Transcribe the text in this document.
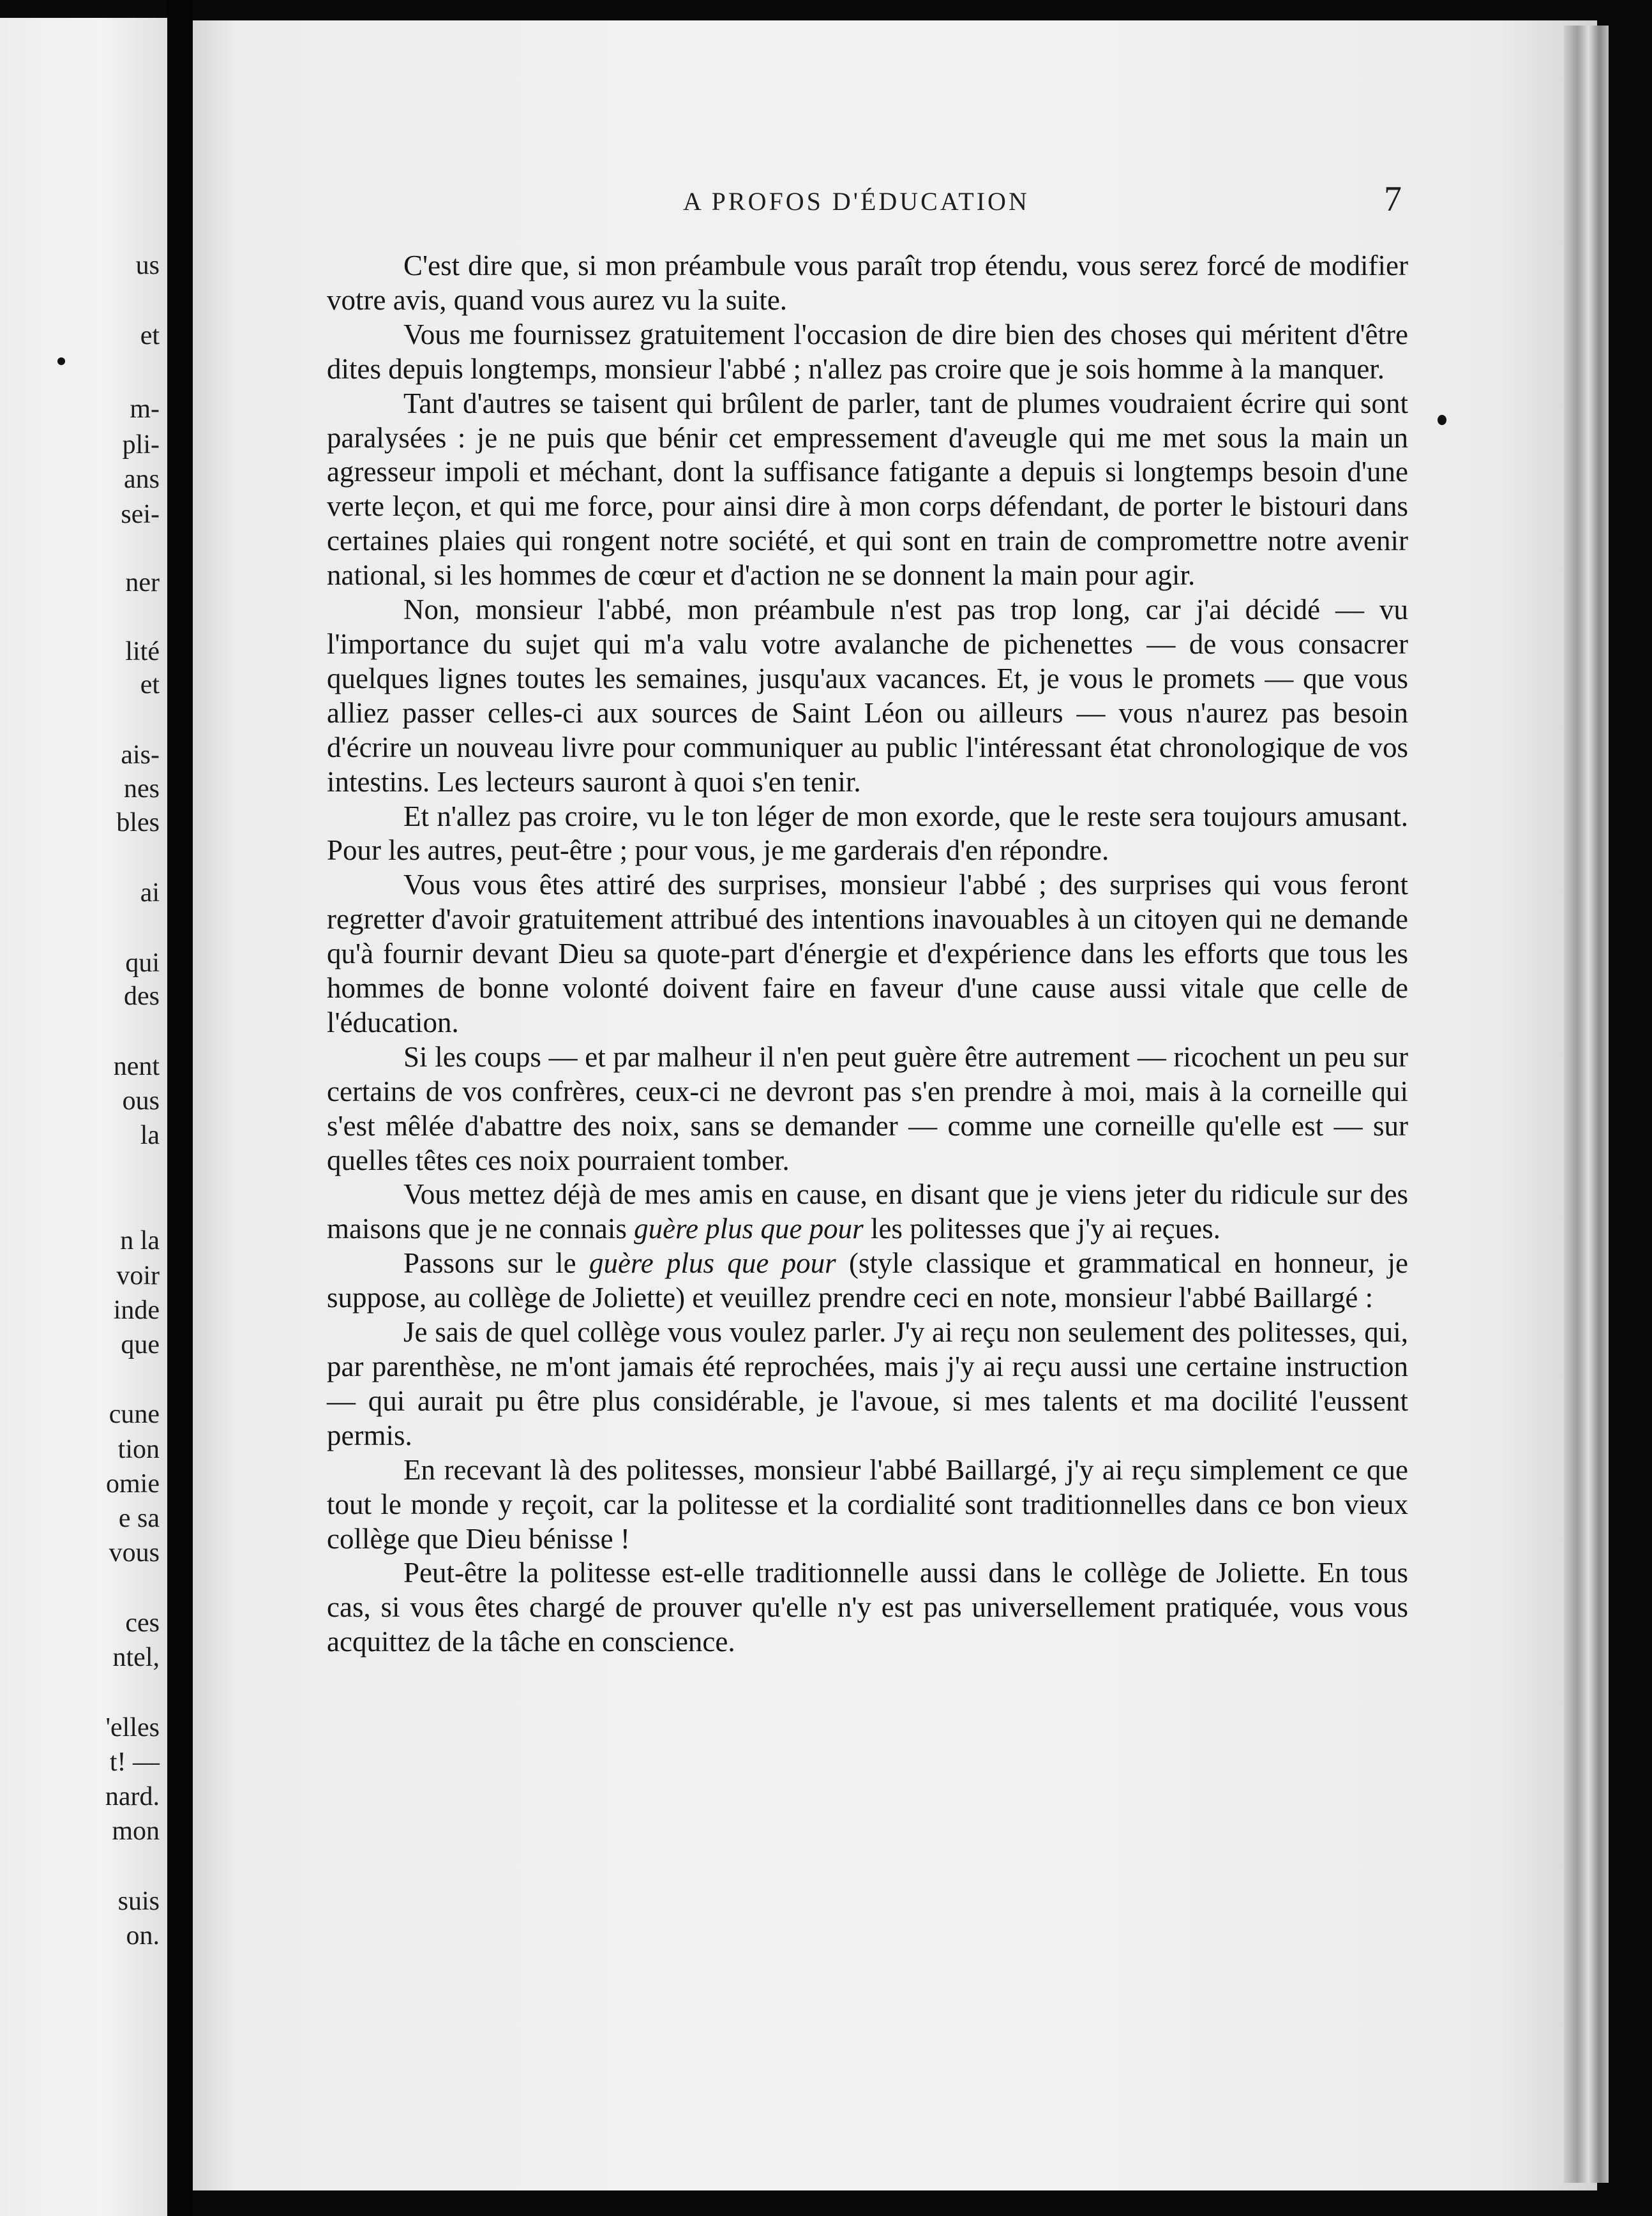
us
et
m-
pli-
ans
sei-
ner
lité
et
ais-
nes
bles
ai
qui
des
nent
ous
la
n la
voir
inde
que
cune
tion
omie
e sa
vous
ces
ntel,
'elles
t! —
nard.
mon
suis
on.
A PROFOS D'ÉDUCATION	7

C'est dire que, si mon préambule vous paraît trop étendu, vous serez forcé de modifier votre avis, quand vous aurez vu la suite.

Vous me fournissez gratuitement l'occasion de dire bien des choses qui méritent d'être dites depuis longtemps, monsieur l'abbé ; n'allez pas croire que je sois homme à la manquer.

Tant d'autres se taisent qui brûlent de parler, tant de plumes voudraient écrire qui sont paralysées : je ne puis que bénir cet empressement d'aveugle qui me met sous la main un agresseur impoli et méchant, dont la suffisance fatigante a depuis si longtemps besoin d'une verte leçon, et qui me force, pour ainsi dire à mon corps défendant, de porter le bistouri dans certaines plaies qui rongent notre société, et qui sont en train de compromettre notre avenir national, si les hommes de cœur et d'action ne se donnent la main pour agir.

Non, monsieur l'abbé, mon préambule n'est pas trop long, car j'ai décidé — vu l'importance du sujet qui m'a valu votre avalanche de pichenettes — de vous consacrer quelques lignes toutes les semaines, jusqu'aux vacances. Et, je vous le promets — que vous alliez passer celles-ci aux sources de Saint Léon ou ailleurs — vous n'aurez pas besoin d'écrire un nouveau livre pour communiquer au public l'intéressant état chronologique de vos intestins. Les lecteurs sauront à quoi s'en tenir.

Et n'allez pas croire, vu le ton léger de mon exorde, que le reste sera toujours amusant. Pour les autres, peut-être ; pour vous, je me garderais d'en répondre.

Vous vous êtes attiré des surprises, monsieur l'abbé ; des surprises qui vous feront regretter d'avoir gratuitement attribué des intentions inavouables à un citoyen qui ne demande qu'à fournir devant Dieu sa quote-part d'énergie et d'expérience dans les efforts que tous les hommes de bonne volonté doivent faire en faveur d'une cause aussi vitale que celle de l'éducation.

Si les coups — et par malheur il n'en peut guère être autrement — ricochent un peu sur certains de vos confrères, ceux-ci ne devront pas s'en prendre à moi, mais à la corneille qui s'est mêlée d'abattre des noix, sans se demander — comme une corneille qu'elle est — sur quelles têtes ces noix pourraient tomber.

Vous mettez déjà de mes amis en cause, en disant que je viens jeter du ridicule sur des maisons que je ne connais guère plus que pour les politesses que j'y ai reçues.

Passons sur le guère plus que pour (style classique et grammatical en honneur, je suppose, au collège de Joliette) et veuillez prendre ceci en note, monsieur l'abbé Baillargé :

Je sais de quel collège vous voulez parler. J'y ai reçu non seulement des politesses, qui, par parenthèse, ne m'ont jamais été reprochées, mais j'y ai reçu aussi une certaine instruction — qui aurait pu être plus considérable, je l'avoue, si mes talents et ma docilité l'eussent permis.

En recevant là des politesses, monsieur l'abbé Baillargé, j'y ai reçu simplement ce que tout le monde y reçoit, car la politesse et la cordialité sont traditionnelles dans ce bon vieux collège que Dieu bénisse !

Peut-être la politesse est-elle traditionnelle aussi dans le collège de Joliette. En tous cas, si vous êtes chargé de prouver qu'elle n'y est pas universellement pratiquée, vous vous acquittez de la tâche en conscience.
